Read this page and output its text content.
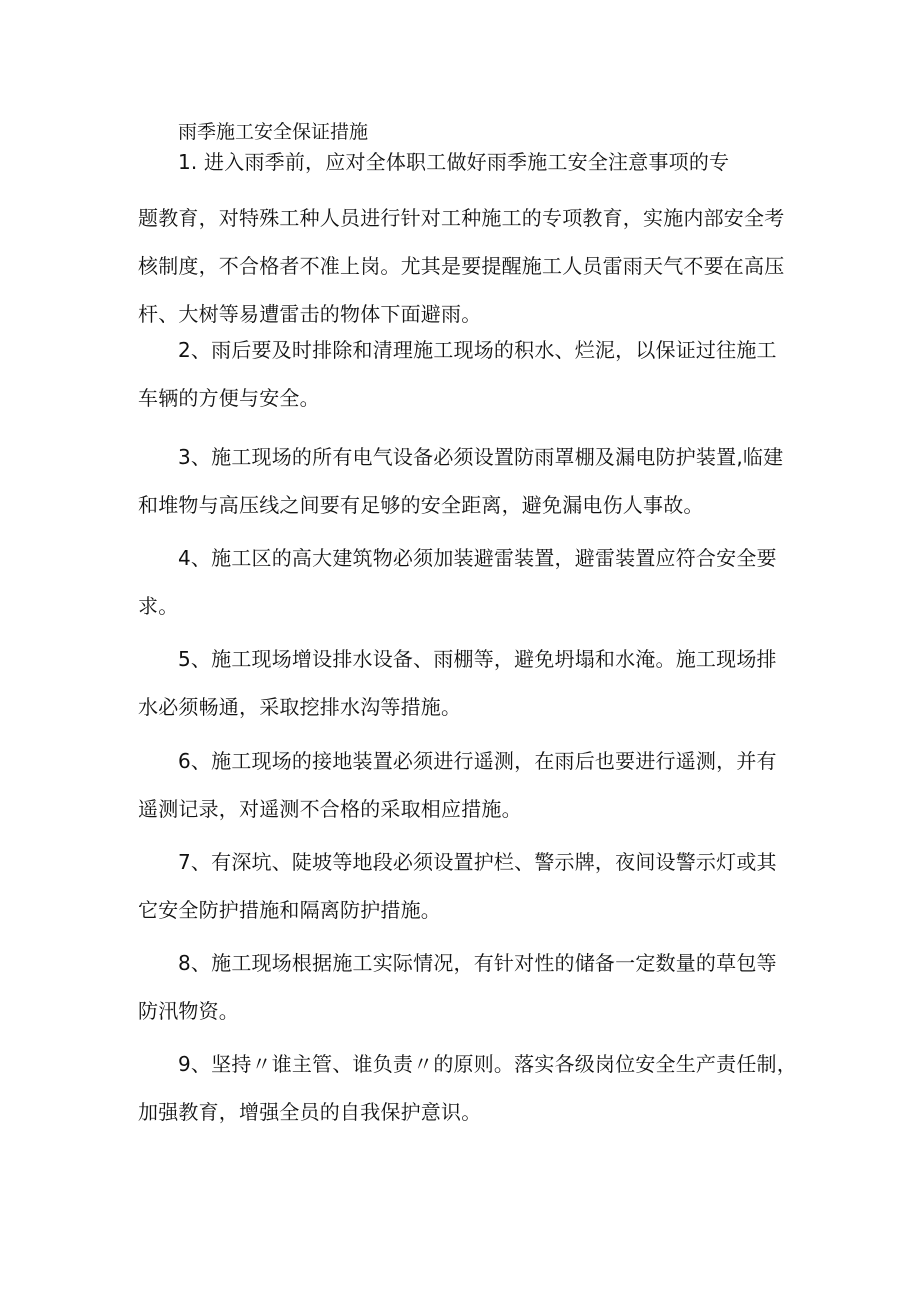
雨季施工安全保证措施
1. 进入雨季前，应对全体职工做好雨季施工安全注意事项的专
题教育，对特殊工种人员进行针对工种施工的专项教育，实施内部安全考
核制度，不合格者不准上岗。尤其是要提醒施工人员雷雨天气不要在高压
杆、大树等易遭雷击的物体下面避雨。
2、雨后要及时排除和清理施工现场的积水、烂泥，以保证过往施工
车辆的方便与安全。
3、施工现场的所有电气设备必须设置防雨罩棚及漏电防护装置,临建
和堆物与高压线之间要有足够的安全距离，避免漏电伤人事故。
4、施工区的高大建筑物必须加装避雷装置，避雷装置应符合安全要
求。
5、施工现场增设排水设备、雨棚等，避免坍塌和水淹。施工现场排
水必须畅通，采取挖排水沟等措施。
6、施工现场的接地装置必须进行遥测，在雨后也要进行遥测，并有
遥测记录，对遥测不合格的采取相应措施。
7、有深坑、陡坡等地段必须设置护栏、警示牌，夜间设警示灯或其
它安全防护措施和隔离防护措施。
8、施工现场根据施工实际情况，有针对性的储备一定数量的草包等
防汛物资。
9、坚持〃谁主管、谁负责〃的原则。落实各级岗位安全生产责任制，
加强教育，增强全员的自我保护意识。
